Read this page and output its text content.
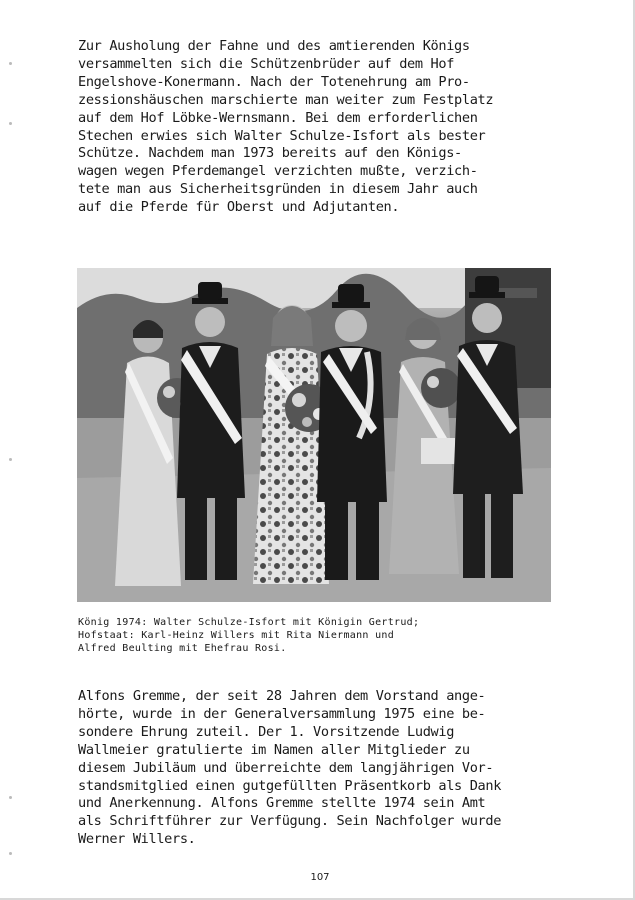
Zur Ausholung der Fahne und des amtierenden Königs
versammelten sich die Schützenbrüder auf dem Hof
Engelshove-Konermann. Nach der Totenehrung am Pro-
zessionshäuschen marschierte man weiter zum Festplatz
auf dem Hof Löbke-Wernsmann. Bei dem erforderlichen
Stechen erwies sich Walter Schulze-Isfort als bester
Schütze. Nachdem man 1973 bereits auf den Königs-
wagen wegen Pferdemangel verzichten mußte, verzich-
tete man aus Sicherheitsgründen in diesem Jahr auch
auf die Pferde für Oberst und Adjutanten.

König 1974: Walter Schulze-Isfort mit Königin Gertrud;
Hofstaat: Karl-Heinz Willers mit Rita Niermann und
Alfred Beulting mit Ehefrau Rosi.

Alfons Gremme, der seit 28 Jahren dem Vorstand ange-
hörte, wurde in der Generalversammlung 1975 eine be-
sondere Ehrung zuteil. Der 1. Vorsitzende Ludwig
Wallmeier gratulierte im Namen aller Mitglieder zu
diesem Jubiläum und überreichte dem langjährigen Vor-
standsmitglied einen gutgefüllten Präsentkorb als Dank
und Anerkennung. Alfons Gremme stellte 1974 sein Amt
als Schriftführer zur Verfügung. Sein Nachfolger wurde
Werner Willers.

107
